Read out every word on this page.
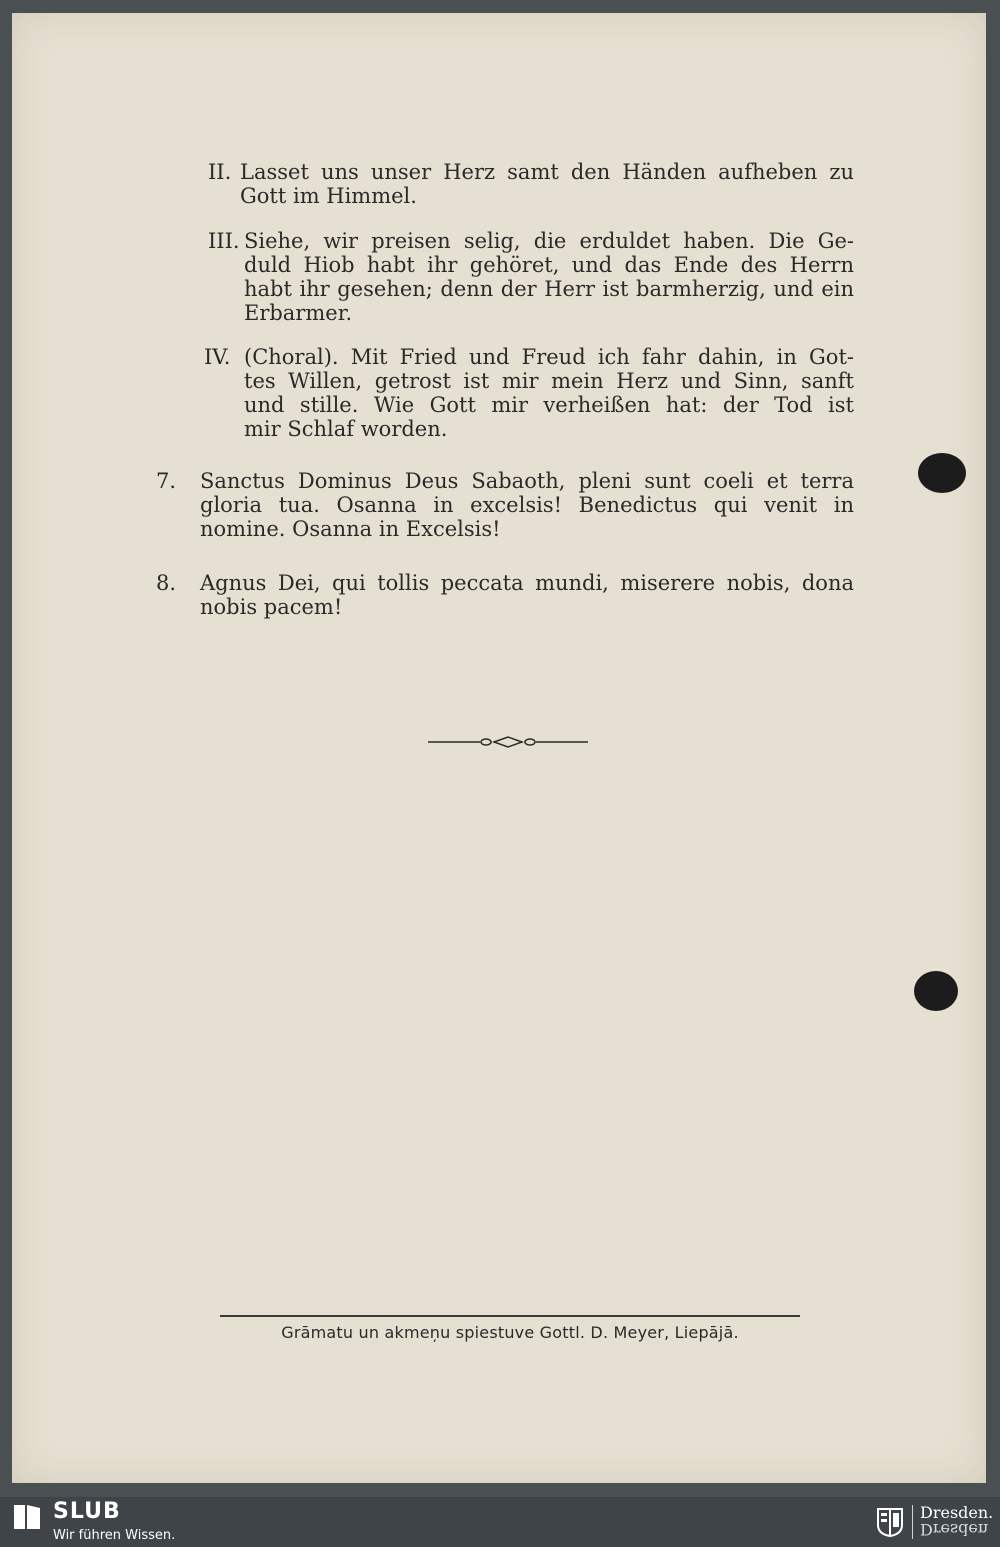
II. Lasset uns unser Herz samt den Händen aufheben zu
Gott im Himmel.
III. Siehe, wir preisen selig, die erduldet haben. Die Ge-
duld Hiob habt ihr gehöret, und das Ende des Herrn
habt ihr gesehen; denn der Herr ist barmherzig, und ein
Erbarmer.
IV. (Choral). Mit Fried und Freud ich fahr dahin, in Got-
tes Willen, getrost ist mir mein Herz und Sinn, sanft
und stille. Wie Gott mir verheißen hat: der Tod ist
mir Schlaf worden.
7. Sanctus Dominus Deus Sabaoth, pleni sunt coeli et terra
gloria tua. Osanna in excelsis! Benedictus qui venit in
nomine. Osanna in Excelsis!
8. Agnus Dei, qui tollis peccata mundi, miserere nobis, dona
nobis pacem!
Grāmatu un akmeņu spiestuve Gottl. D. Meyer, Liepājā.
SLUB
Wir führen Wissen.
Dresden.
Dresden
